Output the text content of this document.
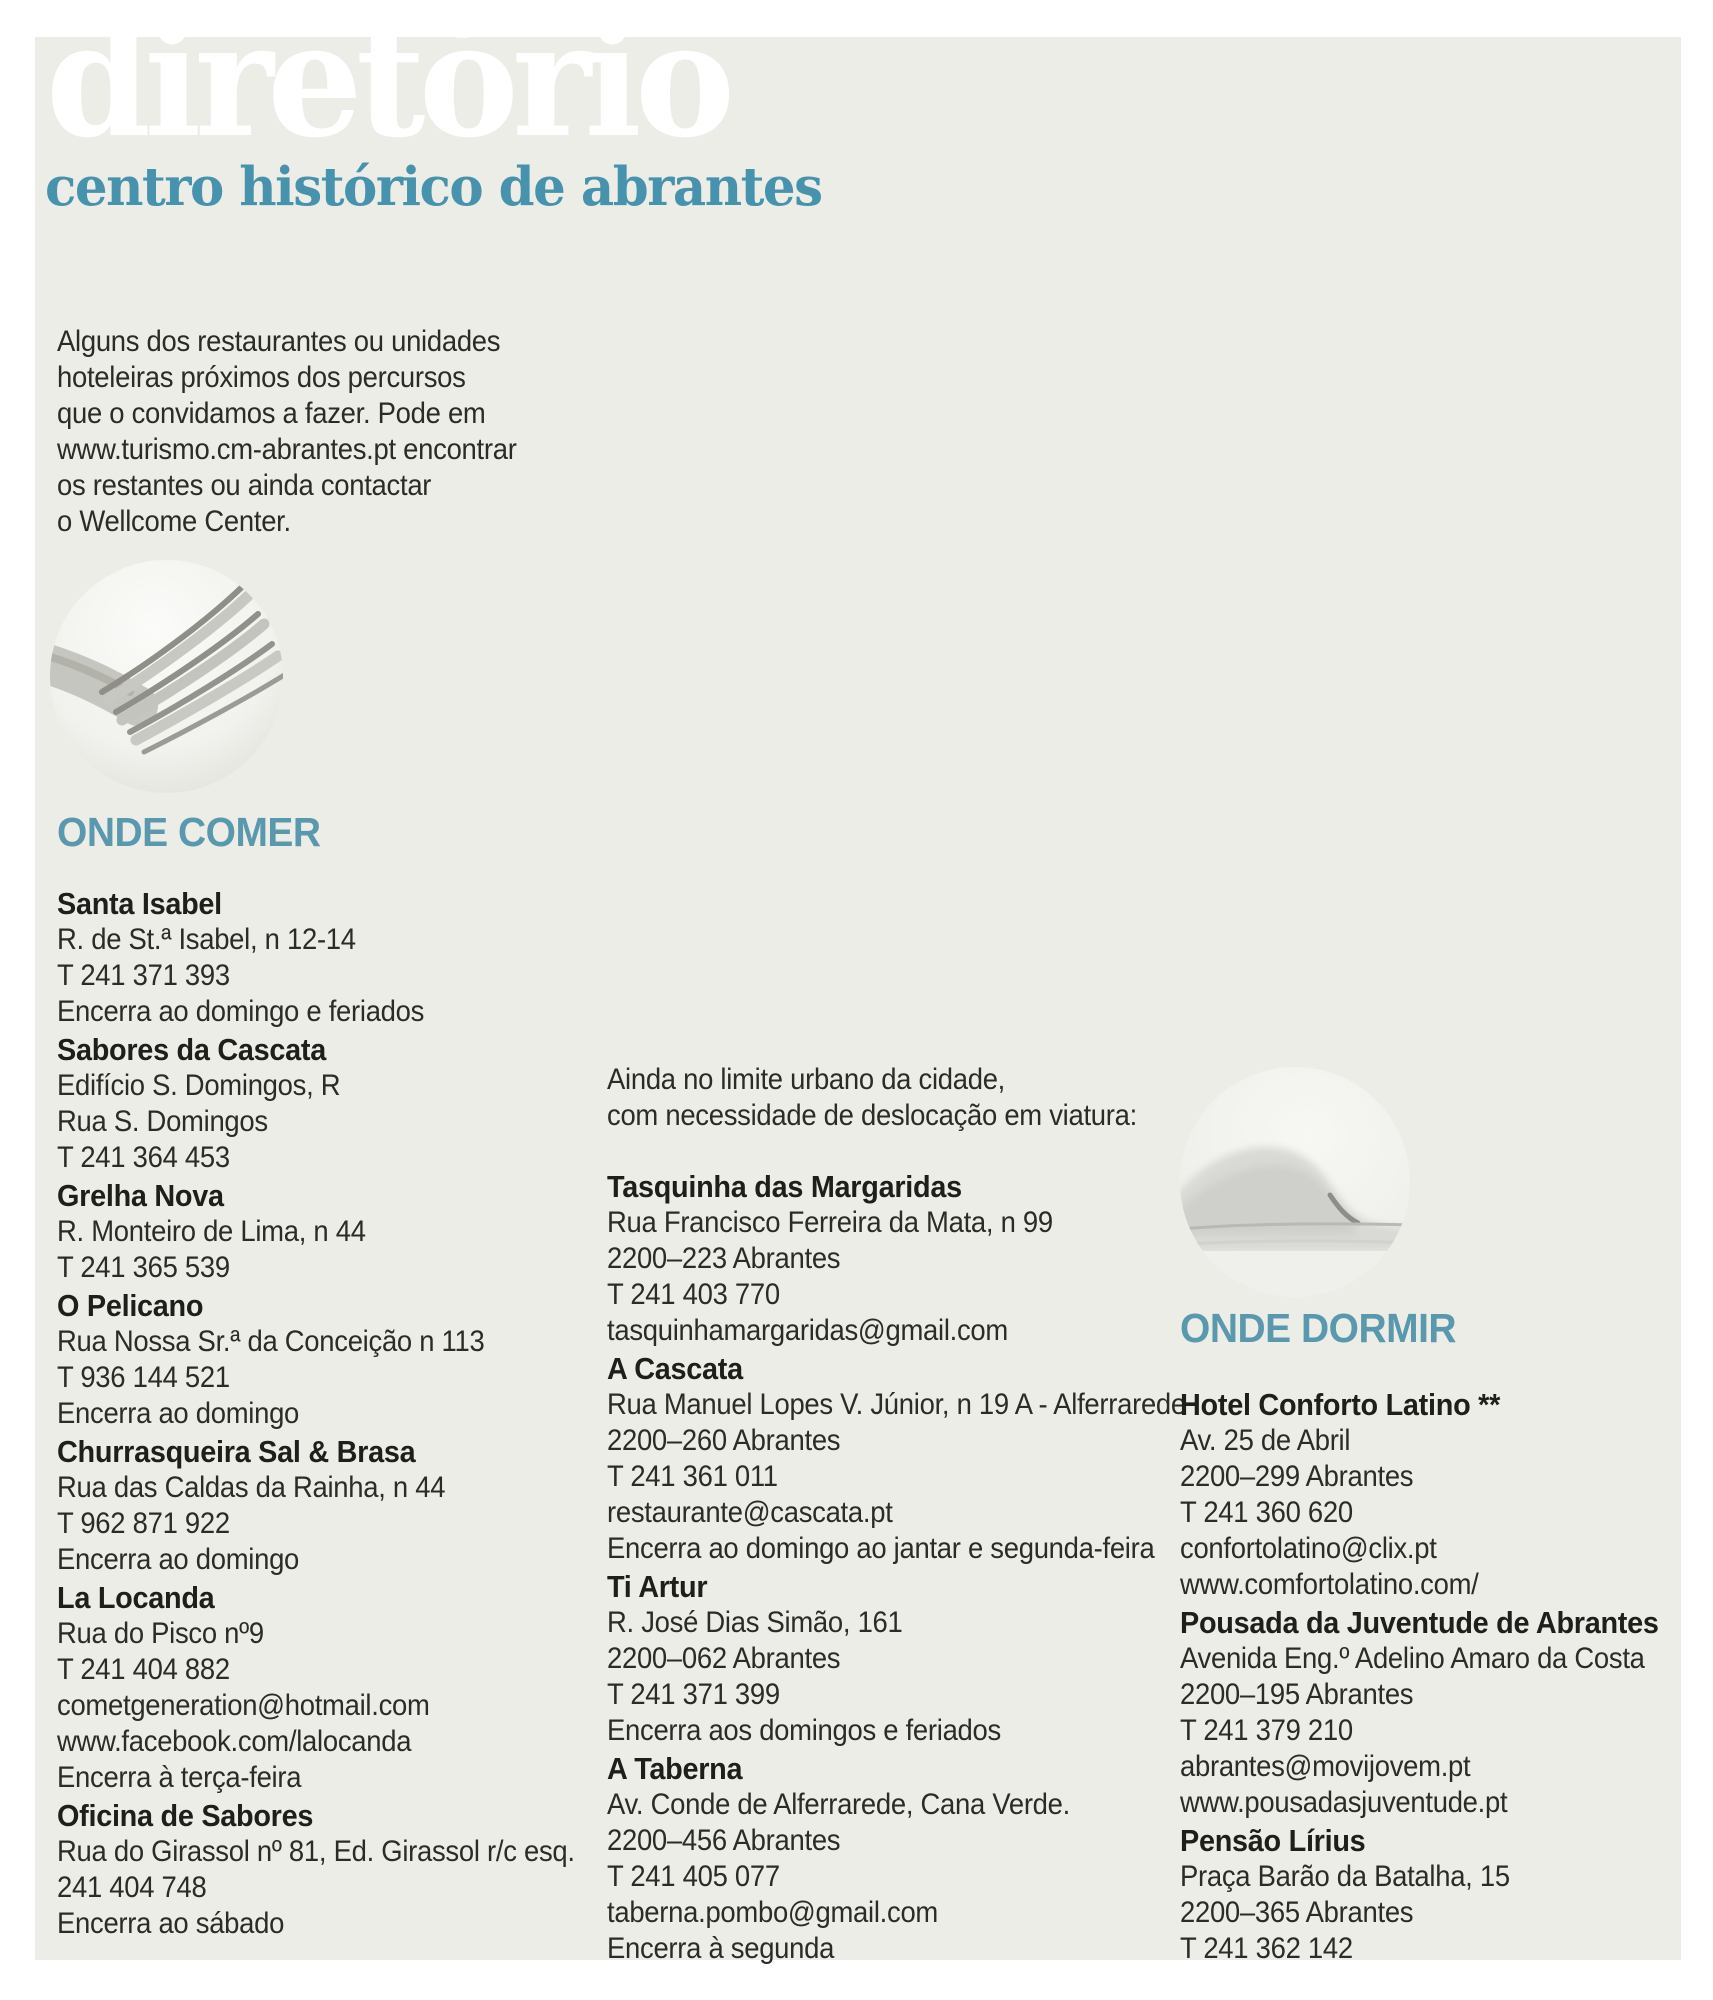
diretório
centro histórico de abrantes
Alguns dos restaurantes ou unidades
hoteleiras próximos dos percursos
que o convidamos a fazer. Pode em
www.turismo.cm-abrantes.pt encontrar
os restantes ou ainda contactar
o Wellcome Center.
ONDE COMER
Santa Isabel
R. de St.ª Isabel, n 12-14
T 241 371 393
Encerra ao domingo e feriados
Sabores da Cascata
Edifício S. Domingos, R
Rua S. Domingos
T 241 364 453
Grelha Nova
R. Monteiro de Lima, n 44
T 241 365 539
O Pelicano
Rua Nossa Sr.ª da Conceição n 113
T 936 144 521
Encerra ao domingo
Churrasqueira Sal & Brasa
Rua das Caldas da Rainha, n 44
T 962 871 922
Encerra ao domingo
La Locanda
Rua do Pisco nº9
T 241 404 882
cometgeneration@hotmail.com
www.facebook.com/lalocanda
Encerra à terça-feira
Oficina de Sabores
Rua do Girassol nº 81, Ed. Girassol r/c esq.
241 404 748
Encerra ao sábado
Ainda no limite urbano da cidade,
com necessidade de deslocação em viatura:
Tasquinha das Margaridas
Rua Francisco Ferreira da Mata, n 99
2200–223 Abrantes
T 241 403 770
tasquinhamargaridas@gmail.com
A Cascata
Rua Manuel Lopes V. Júnior, n 19 A - Alferrarede
2200–260 Abrantes
T 241 361 011
restaurante@cascata.pt
Encerra ao domingo ao jantar e segunda-feira
Ti Artur
R. José Dias Simão, 161
2200–062 Abrantes
T 241 371 399
Encerra aos domingos e feriados
A Taberna
Av. Conde de Alferrarede, Cana Verde.
2200–456 Abrantes
T 241 405 077
taberna.pombo@gmail.com
Encerra à segunda
ONDE DORMIR
Hotel Conforto Latino **
Av. 25 de Abril
2200–299 Abrantes
T 241 360 620
confortolatino@clix.pt
www.comfortolatino.com/
Pousada da Juventude de Abrantes
Avenida Eng.º Adelino Amaro da Costa
2200–195 Abrantes
T 241 379 210
abrantes@movijovem.pt
www.pousadasjuventude.pt
Pensão Lírius
Praça Barão da Batalha, 15
2200–365 Abrantes
T 241 362 142
